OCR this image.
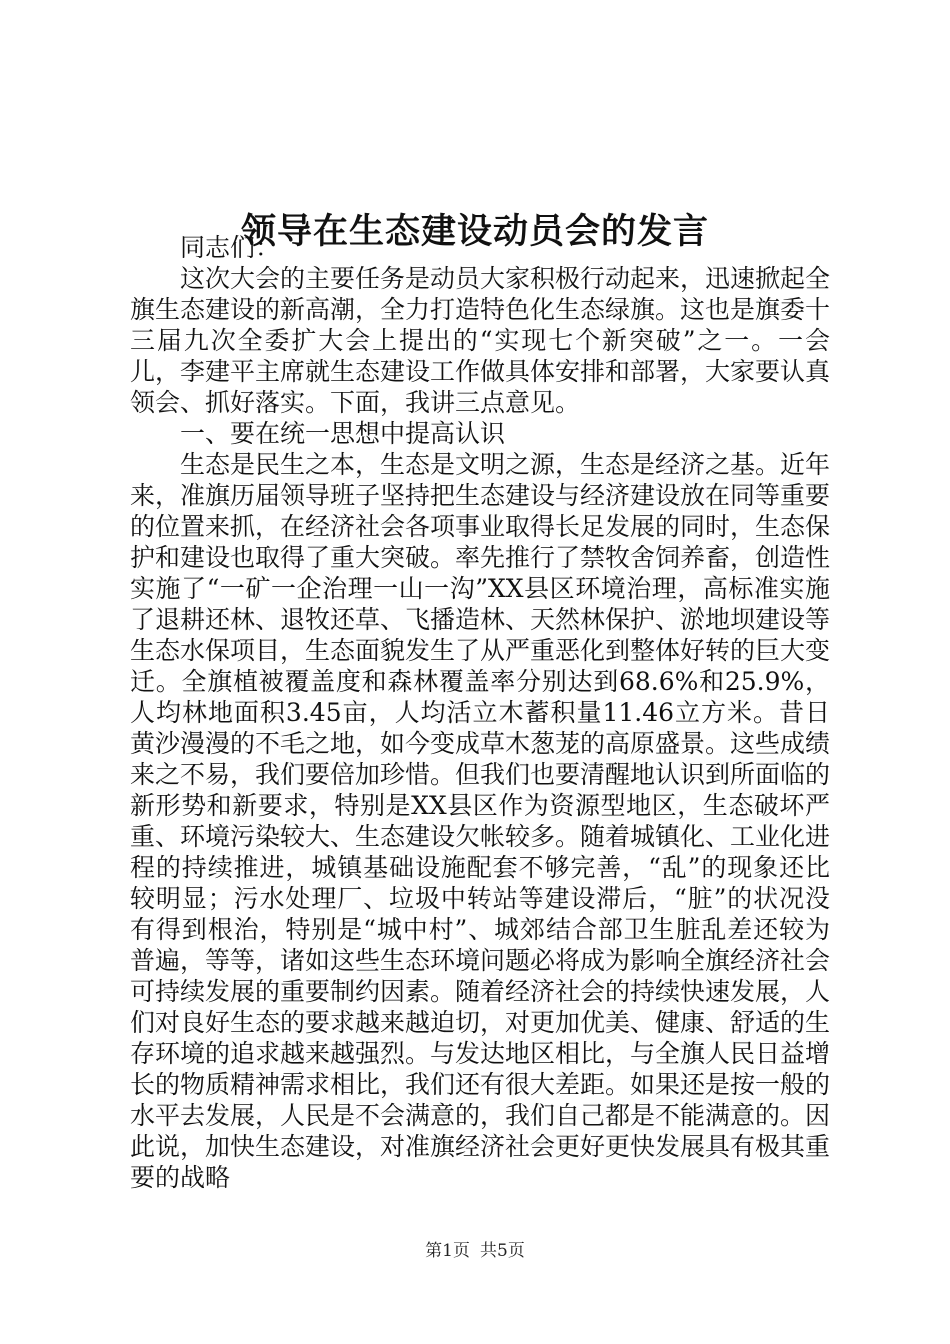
领导在生态建设动员会的发言

同志们：

这次大会的主要任务是动员大家积极行动起来，迅速掀起全旗生态建设的新高潮，全力打造特色化生态绿旗。这也是旗委十三届九次全委扩大会上提出的“实现七个新突破”之一。一会儿，李建平主席就生态建设工作做具体安排和部署，大家要认真领会、抓好落实。下面，我讲三点意见。

一、要在统一思想中提高认识

生态是民生之本，生态是文明之源，生态是经济之基。近年来，准旗历届领导班子坚持把生态建设与经济建设放在同等重要的位置来抓，在经济社会各项事业取得长足发展的同时，生态保护和建设也取得了重大突破。率先推行了禁牧舍饲养畜，创造性实施了“一矿一企治理一山一沟”XX县区环境治理，高标准实施了退耕还林、退牧还草、飞播造林、天然林保护、淤地坝建设等生态水保项目，生态面貌发生了从严重恶化到整体好转的巨大变迁。全旗植被覆盖度和森林覆盖率分别达到68.6%和25.9%，人均林地面积3.45亩，人均活立木蓄积量11.46立方米。昔日黄沙漫漫的不毛之地，如今变成草木葱茏的高原盛景。这些成绩来之不易，我们要倍加珍惜。但我们也要清醒地认识到所面临的新形势和新要求，特别是XX县区作为资源型地区，生态破坏严重、环境污染较大、生态建设欠帐较多。随着城镇化、工业化进程的持续推进，城镇基础设施配套不够完善，“乱”的现象还比较明显；污水处理厂、垃圾中转站等建设滞后，“脏”的状况没有得到根治，特别是“城中村”、城郊结合部卫生脏乱差还较为普遍，等等，诸如这些生态环境问题必将成为影响全旗经济社会可持续发展的重要制约因素。随着经济社会的持续快速发展，人们对良好生态的要求越来越迫切，对更加优美、健康、舒适的生存环境的追求越来越强烈。与发达地区相比，与全旗人民日益增长的物质精神需求相比，我们还有很大差距。如果还是按一般的水平去发展，人民是不会满意的，我们自己都是不能满意的。因此说，加快生态建设，对准旗经济社会更好更快发展具有极其重要的战略

第1页 共5页
